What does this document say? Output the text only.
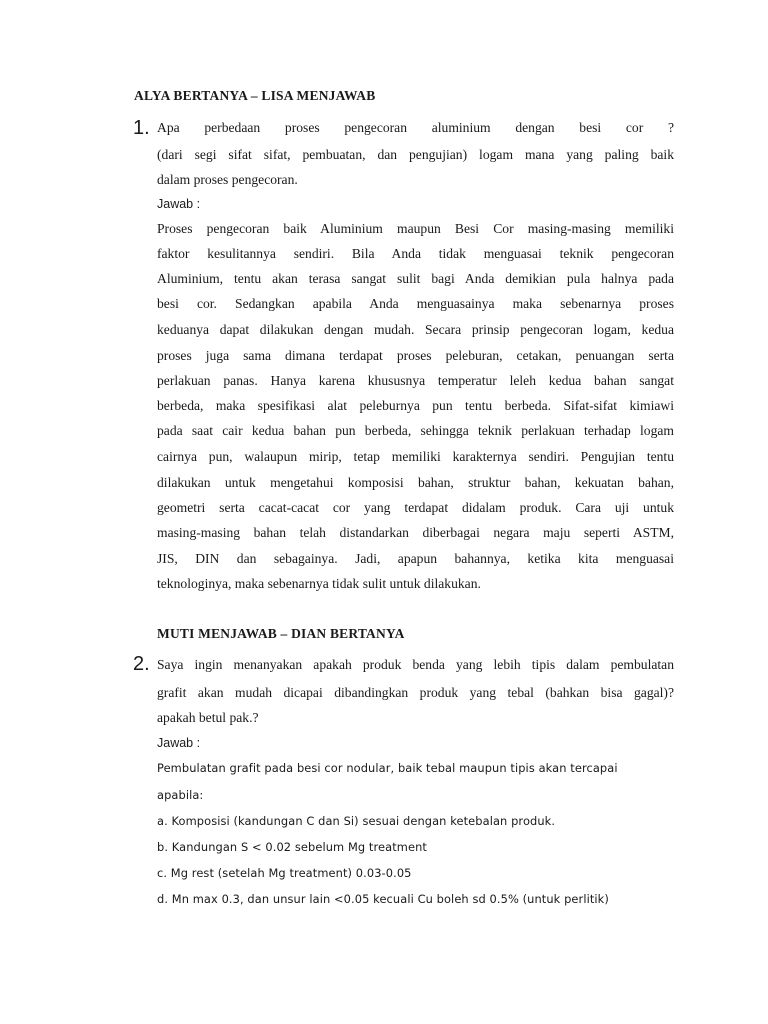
ALYA BERTANYA – LISA MENJAWAB
1. Apa perbedaan proses pengecoran aluminium dengan besi cor ?
(dari segi sifat sifat, pembuatan, dan pengujian) logam mana yang paling baik
dalam proses pengecoran.
Jawab :
Proses pengecoran baik Aluminium maupun Besi Cor masing-masing memiliki
faktor kesulitannya sendiri. Bila Anda tidak menguasai teknik pengecoran
Aluminium, tentu akan terasa sangat sulit bagi Anda demikian pula halnya pada
besi cor. Sedangkan apabila Anda menguasainya maka sebenarnya proses
keduanya dapat dilakukan dengan mudah. Secara prinsip pengecoran logam, kedua
proses juga sama dimana terdapat proses peleburan, cetakan, penuangan serta
perlakuan panas. Hanya karena khususnya temperatur leleh kedua bahan sangat
berbeda, maka spesifikasi alat peleburnya pun tentu berbeda. Sifat-sifat kimiawi
pada saat cair kedua bahan pun berbeda, sehingga teknik perlakuan terhadap logam
cairnya pun, walaupun mirip, tetap memiliki karakternya sendiri. Pengujian tentu
dilakukan untuk mengetahui komposisi bahan, struktur bahan, kekuatan bahan,
geometri serta cacat-cacat cor yang terdapat didalam produk. Cara uji untuk
masing-masing bahan telah distandarkan diberbagai negara maju seperti ASTM,
JIS, DIN dan sebagainya. Jadi, apapun bahannya, ketika kita menguasai
teknologinya, maka sebenarnya tidak sulit untuk dilakukan.
MUTI MENJAWAB – DIAN BERTANYA
2. Saya ingin menanyakan apakah produk benda yang lebih tipis dalam pembulatan
grafit akan mudah dicapai dibandingkan produk yang tebal (bahkan bisa gagal)?
apakah betul pak.?
Jawab :
Pembulatan grafit pada besi cor nodular, baik tebal maupun tipis akan tercapai
apabila:
a. Komposisi (kandungan C dan Si) sesuai dengan ketebalan produk.
b. Kandungan S < 0.02 sebelum Mg treatment
c. Mg rest (setelah Mg treatment) 0.03-0.05
d. Mn max 0.3, dan unsur lain <0.05 kecuali Cu boleh sd 0.5% (untuk perlitik)
